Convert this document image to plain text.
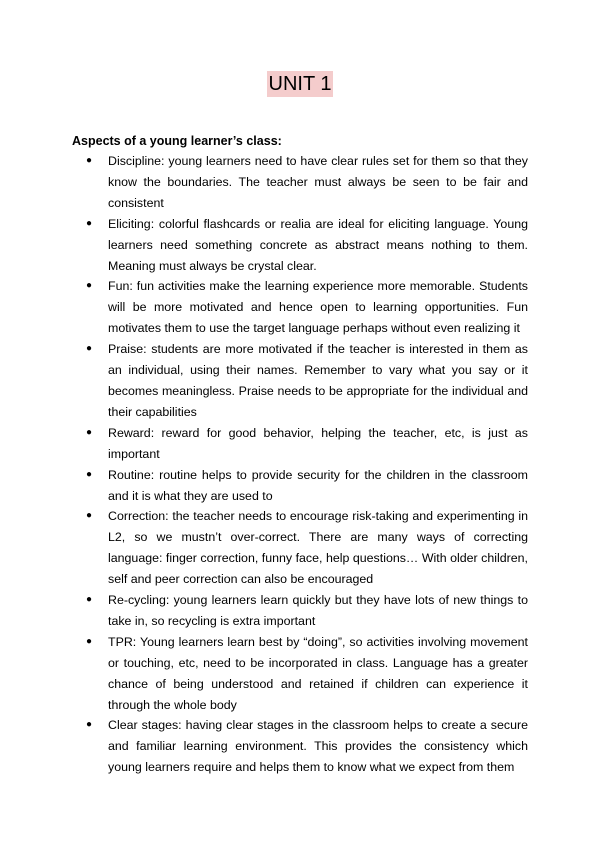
UNIT 1
Aspects of a young learner’s class:
● Discipline: young learners need to have clear rules set for them so that they know the boundaries. The teacher must always be seen to be fair and consistent
● Eliciting: colorful flashcards or realia are ideal for eliciting language. Young learners need something concrete as abstract means nothing to them. Meaning must always be crystal clear.
● Fun: fun activities make the learning experience more memorable. Students will be more motivated and hence open to learning opportunities. Fun motivates them to use the target language perhaps without even realizing it
● Praise: students are more motivated if the teacher is interested in them as an individual, using their names. Remember to vary what you say or it becomes meaningless. Praise needs to be appropriate for the individual and their capabilities
● Reward: reward for good behavior, helping the teacher, etc, is just as important
● Routine: routine helps to provide security for the children in the classroom and it is what they are used to
● Correction: the teacher needs to encourage risk-taking and experimenting in L2, so we mustn’t over-correct. There are many ways of correcting language: finger correction, funny face, help questions… With older children, self and peer correction can also be encouraged
● Re-cycling: young learners learn quickly but they have lots of new things to take in, so recycling is extra important
● TPR: Young learners learn best by “doing”, so activities involving movement or touching, etc, need to be incorporated in class. Language has a greater chance of being understood and retained if children can experience it through the whole body
● Clear stages: having clear stages in the classroom helps to create a secure and familiar learning environment. This provides the consistency which young learners require and helps them to know what we expect from them
